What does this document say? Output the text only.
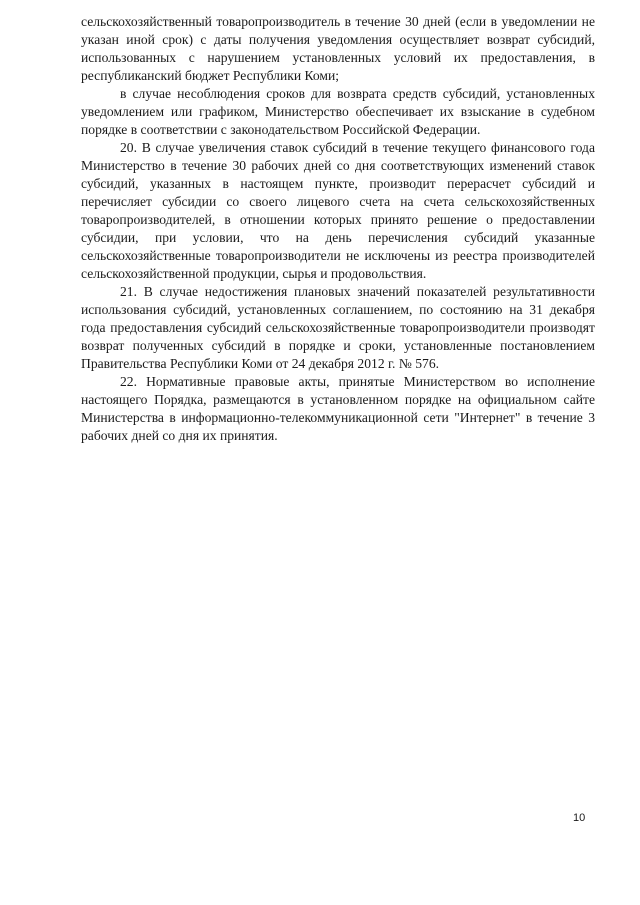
сельскохозяйственный товаропроизводитель в течение 30 дней (если в уведомлении не указан иной срок) с даты получения уведомления осуществляет возврат субсидий, использованных с нарушением установленных условий их предоставления, в республиканский бюджет Республики Коми;

в случае несоблюдения сроков для возврата средств субсидий, установленных уведомлением или графиком, Министерство обеспечивает их взыскание в судебном порядке в соответствии с законодательством Российской Федерации.

20. В случае увеличения ставок субсидий в течение текущего финансового года Министерство в течение 30 рабочих дней со дня соответствующих изменений ставок субсидий, указанных в настоящем пункте, производит перерасчет субсидий и перечисляет субсидии со своего лицевого счета на счета сельскохозяйственных товаропроизводителей, в отношении которых принято решение о предоставлении субсидии, при условии, что на день перечисления субсидий указанные сельскохозяйственные товаропроизводители не исключены из реестра производителей сельскохозяйственной продукции, сырья и продовольствия.

21. В случае недостижения плановых значений показателей результативности использования субсидий, установленных соглашением, по состоянию на 31 декабря года предоставления субсидий сельскохозяйственные товаропроизводители производят возврат полученных субсидий в порядке и сроки, установленные постановлением Правительства Республики Коми от 24 декабря 2012 г. № 576.

22. Нормативные правовые акты, принятые Министерством во исполнение настоящего Порядка, размещаются в установленном порядке на официальном сайте Министерства в информационно-телекоммуникационной сети "Интернет" в течение 3 рабочих дней со дня их принятия.

10
